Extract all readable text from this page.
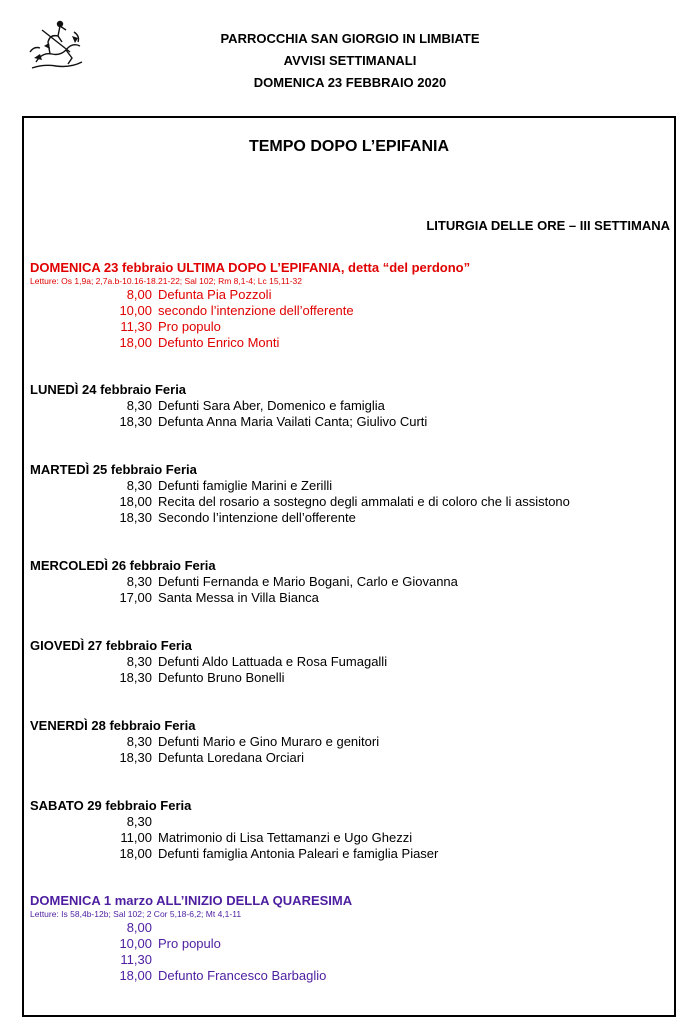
PARROCCHIA SAN GIORGIO IN LIMBIATE
AVVISI SETTIMANALI
DOMENICA 23 FEBBRAIO 2020
TEMPO DOPO L’EPIFANIA
LITURGIA DELLE ORE – III SETTIMANA
DOMENICA 23 febbraio ULTIMA DOPO L’EPIFANIA, detta “del perdono”
Letture: Os 1,9a; 2,7a.b-10.16-18.21-22; Sal 102; Rm 8,1-4; Lc 15,11-32
8,00 Defunta Pia Pozzoli
10,00 secondo l’intenzione dell’offerente
11,30 Pro populo
18,00 Defunto Enrico Monti
LUNEDÌ 24 febbraio Feria
8,30 Defunti Sara Aber, Domenico e famiglia
18,30 Defunta Anna Maria Vailati Canta; Giulivo Curti
MARTEDÌ 25 febbraio Feria
8,30 Defunti famiglie Marini e Zerilli
18,00 Recita del rosario a sostegno degli ammalati e di coloro che li assistono
18,30 Secondo l’intenzione dell’offerente
MERCOLEDÌ 26 febbraio Feria
8,30 Defunti Fernanda e Mario Bogani, Carlo e Giovanna
17,00 Santa Messa in Villa Bianca
GIOVEDÌ 27 febbraio Feria
8,30 Defunti Aldo Lattuada e Rosa Fumagalli
18,30 Defunto Bruno Bonelli
VENERDÌ 28 febbraio Feria
8,30 Defunti Mario e Gino Muraro e genitori
18,30 Defunta Loredana Orciari
SABATO 29 febbraio Feria
8,30
11,00 Matrimonio di Lisa Tettamanzi e Ugo Ghezzi
18,00 Defunti famiglia Antonia Paleari e famiglia Piaser
DOMENICA 1 marzo ALL’INIZIO DELLA QUARESIMA
Letture: Is 58,4b-12b; Sal 102; 2 Cor 5,18-6,2; Mt 4,1-11
8,00
10,00 Pro populo
11,30
18,00 Defunto Francesco Barbaglio
